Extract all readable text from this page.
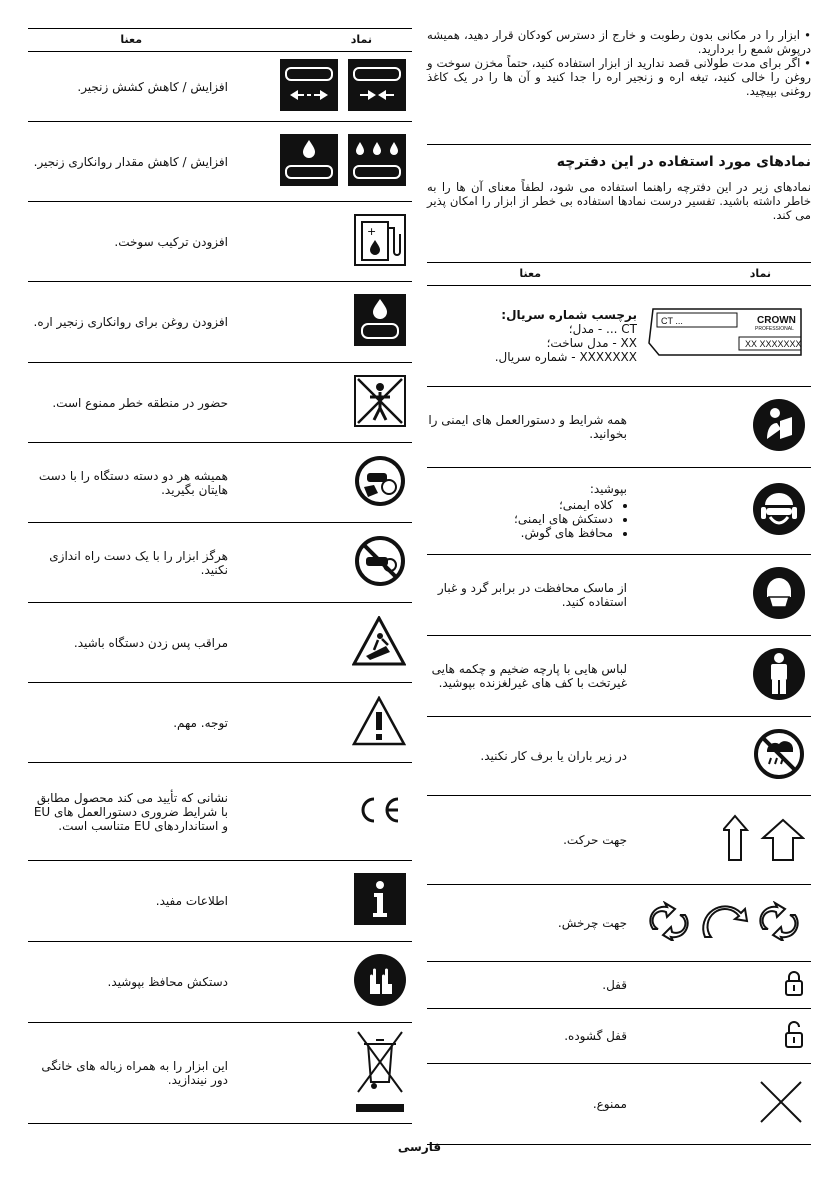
نماد
معنا
افزایش / کاهش کشش زنجیر.
افزایش / کاهش مقدار روانکاری زنجیر.
+
افزودن ترکیب سوخت.
افزودن روغن برای روانکاری زنجیر اره.
حضور در منطقه خطر ممنوع است.
همیشه هر دو دسته دستگاه را با دست هایتان بگیرید.
هرگز ابزار را با یک دست راه اندازی نکنید.
مراقب پس زدن دستگاه باشید.
توجه. مهم.
نشانی که تأیید می کند محصول مطابق با شرایط ضروری دستورالعمل های EU و استانداردهای EU متناسب است.
اطلاعات مفید.
دستکش محافظ بپوشید.
این ابزار را به همراه زباله های خانگی دور نیندازید.

• ابزار را در مکانی بدون رطوبت و خارج از دسترس کودکان قرار دهید، همیشه درپوش شمع را بردارید.

• اگر برای مدت طولانی قصد ندارید از ابزار استفاده کنید، حتماً مخزن سوخت و روغن را خالی کنید، تیغه اره و زنجیر اره را جدا کنید و آن ها را در یک کاغذ روغنی بپیچید.

نمادهای مورد استفاده در این دفترچه
نمادهای زیر در این دفترچه راهنما استفاده می شود، لطفاً معنای آن ها را به خاطر داشته باشید. تفسیر درست نمادها استفاده بی خطر از ابزار را امکان پذیر می کند.
نماد
معنا
CT ...	CROWN
PROFESSIONAL
XX XXXXXXX
برچسب شماره سریال:
CT ... - مدل؛
XX - مدل ساخت؛
XXXXXXX - شماره سریال.
همه شرایط و دستورالعمل های ایمنی را بخوانید.
بپوشید:
• کلاه ایمنی؛
• دستکش های ایمنی؛
• محافظ های گوش.
از ماسک محافظت در برابر گرد و غبار استفاده کنید.
لباس هایی با پارچه ضخیم و چکمه هایی غیرتخت با کف های غیرلغزنده بپوشید.
در زیر باران یا برف کار نکنید.
جهت حرکت.
جهت چرخش.
قفل.
قفل گشوده.
ممنوع.
فارسی
